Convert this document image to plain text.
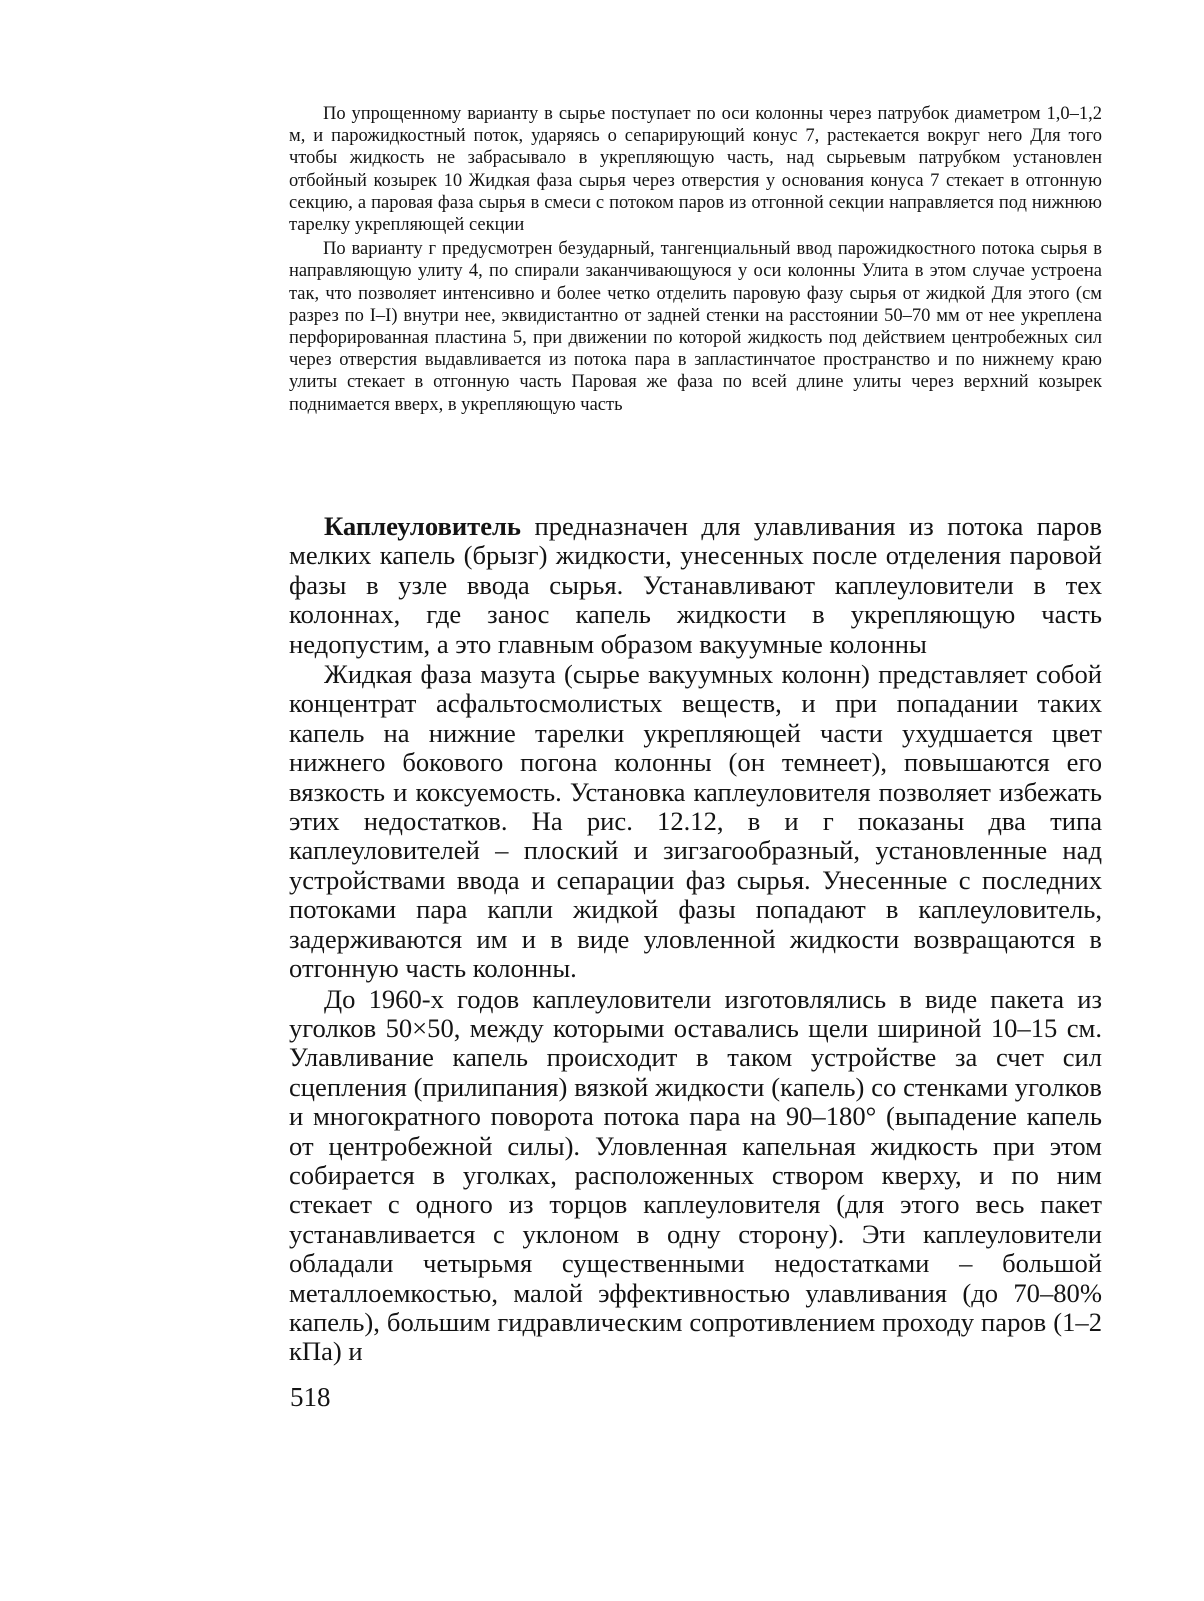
По упрощенному варианту в сырье поступает по оси колонны через патрубок диаметром 1,0–1,2 м, и парожидкостный поток, ударяясь о сепарирующий конус 7, растекается вокруг него Для того чтобы жидкость не забрасывало в укрепляющую часть, над сырьевым патрубком установлен отбойный козырек 10 Жидкая фаза сырья через отверстия у основания конуса 7 стекает в отгонную секцию, а паровая фаза сырья в смеси с потоком паров из отгонной секции направляется под нижнюю тарелку укрепляющей секции

По варианту г предусмотрен безударный, тангенциальный ввод парожидкостного потока сырья в направляющую улиту 4, по спирали заканчивающуюся у оси колонны Улита в этом случае устроена так, что позволяет интенсивно и более четко отделить паровую фазу сырья от жидкой Для этого (см разрез по I–I) внутри нее, эквидистантно от задней стенки на расстоянии 50–70 мм от нее укреплена перфорированная пластина 5, при движении по которой жидкость под действием центробежных сил через отверстия выдавливается из потока пара в запластинчатое пространство и по нижнему краю улиты стекает в отгонную часть Паровая же фаза по всей длине улиты через верхний козырек поднимается вверх, в укрепляющую часть

Каплеуловитель предназначен для улавливания из потока паров мелких капель (брызг) жидкости, унесенных после отделения паровой фазы в узле ввода сырья. Устанавливают каплеуловители в тех колоннах, где занос капель жидкости в укрепляющую часть недопустим, а это главным образом вакуумные колонны

Жидкая фаза мазута (сырье вакуумных колонн) представляет собой концентрат асфальтосмолистых веществ, и при попадании таких капель на нижние тарелки укрепляющей части ухудшается цвет нижнего бокового погона колонны (он темнеет), повышаются его вязкость и коксуемость. Установка каплеуловителя позволяет избежать этих недостатков. На рис. 12.12, в и г показаны два типа каплеуловителей – плоский и зигзагообразный, установленные над устройствами ввода и сепарации фаз сырья. Унесенные с последних потоками пара капли жидкой фазы попадают в каплеуловитель, задерживаются им и в виде уловленной жидкости возвращаются в отгонную часть колонны.

До 1960-х годов каплеуловители изготовлялись в виде пакета из уголков 50×50, между которыми оставались щели шириной 10–15 см. Улавливание капель происходит в таком устройстве за счет сил сцепления (прилипания) вязкой жидкости (капель) со стенками уголков и многократного поворота потока пара на 90–180° (выпадение капель от центробежной силы). Уловленная капельная жидкость при этом собирается в уголках, расположенных створом кверху, и по ним стекает с одного из торцов каплеуловителя (для этого весь пакет устанавливается с уклоном в одну сторону). Эти каплеуловители обладали четырьмя существенными недостатками – большой металлоемкостью, малой эффективностью улавливания (до 70–80% капель), большим гидравлическим сопротивлением проходу паров (1–2 кПа) и

518
